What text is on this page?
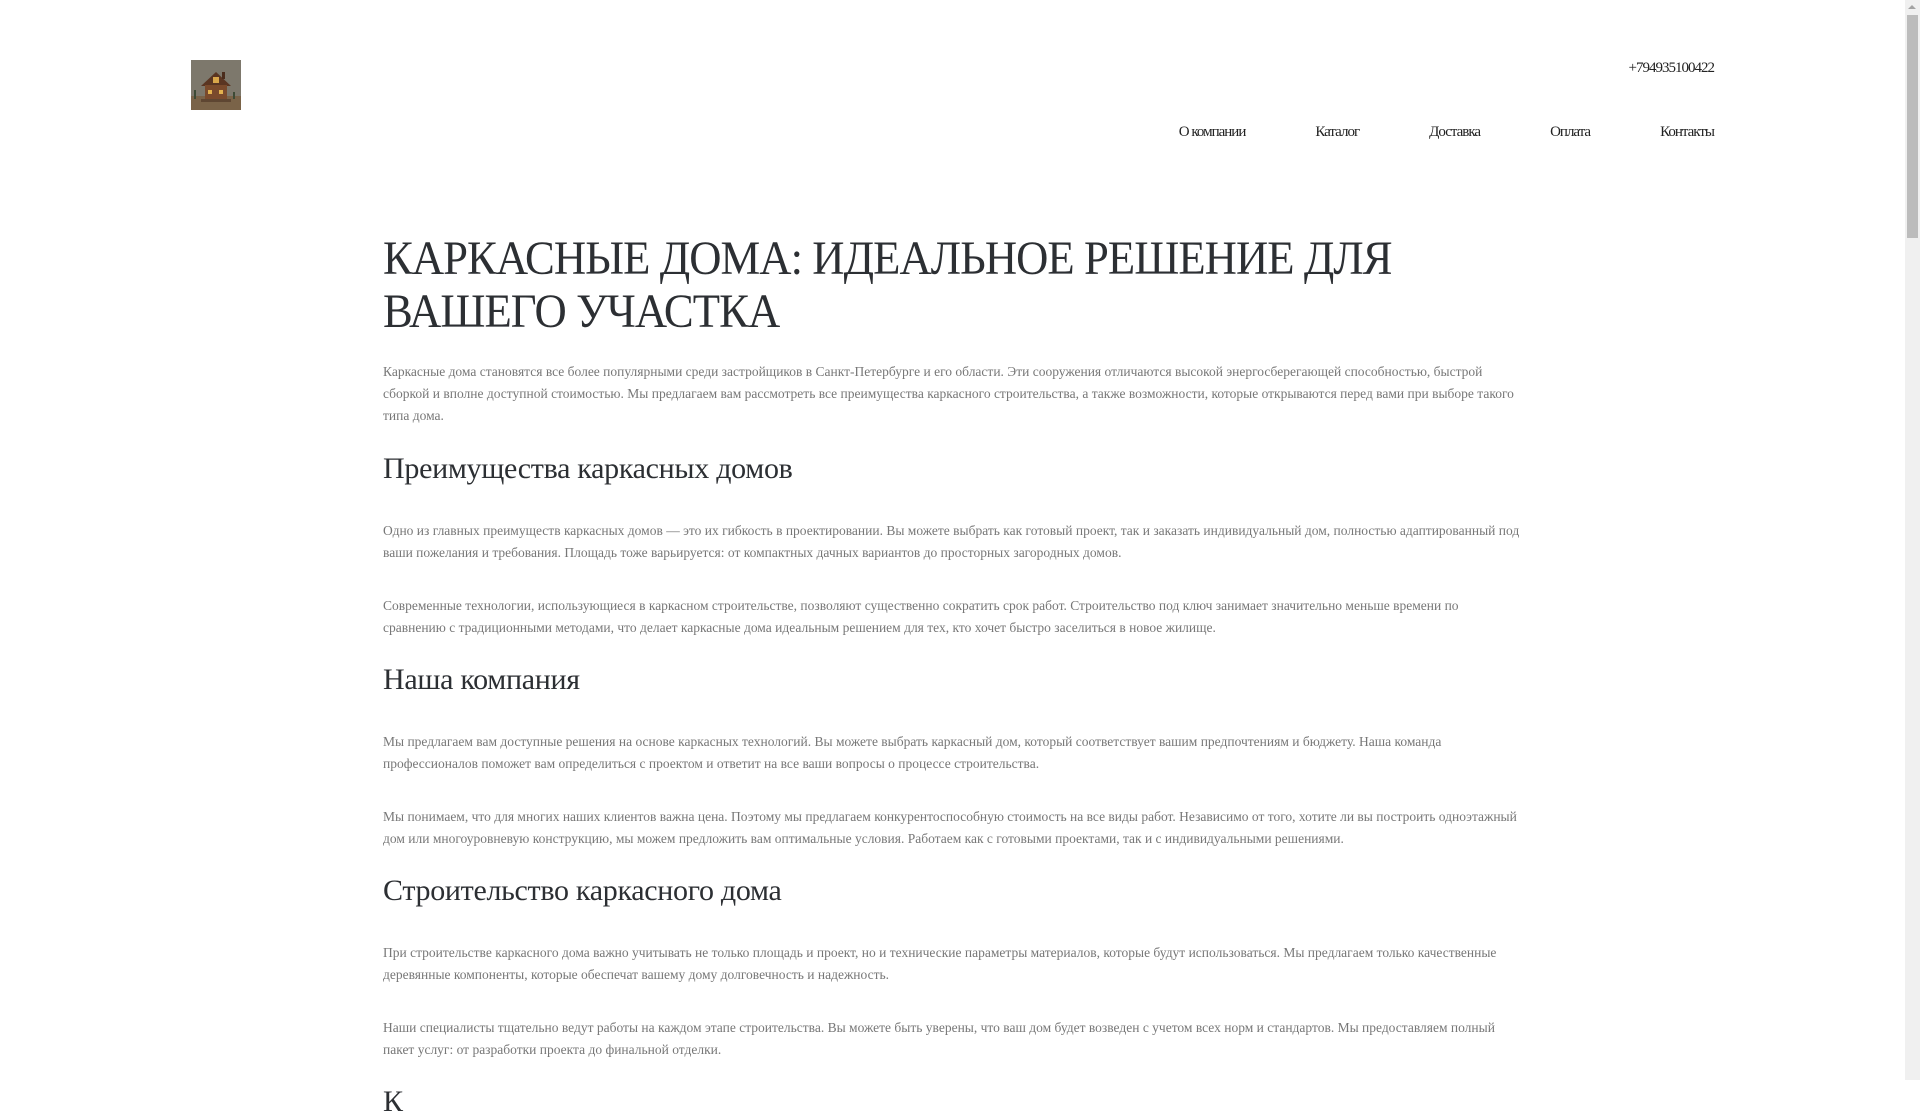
+794935100422
О компании	Каталог	Доставка	Оплата	Контакты
КАРКАСНЫЕ ДОМА: ИДЕАЛЬНОЕ РЕШЕНИЕ ДЛЯ ВАШЕГО УЧАСТКА

Каркасные дома становятся все более популярными среди застройщиков в Санкт-Петербурге и его области. Эти сооружения отличаются высокой энергосберегающей способностью, быстрой сборкой и вполне доступной стоимостью. Мы предлагаем вам рассмотреть все преимущества каркасного строительства, а также возможности, которые открываются перед вами при выборе такого типа дома.

Преимущества каркасных домов

Одно из главных преимуществ каркасных домов — это их гибкость в проектировании. Вы можете выбрать как готовый проект, так и заказать индивидуальный дом, полностью адаптированный под ваши пожелания и требования. Площадь тоже варьируется: от компактных дачных вариантов до просторных загородных домов.

Современные технологии, использующиеся в каркасном строительстве, позволяют существенно сократить срок работ. Строительство под ключ занимает значительно меньше времени по сравнению с традиционными методами, что делает каркасные дома идеальным решением для тех, кто хочет быстро заселиться в новое жилище.

Наша компания

Мы предлагаем вам доступные решения на основе каркасных технологий. Вы можете выбрать каркасный дом, который соответствует вашим предпочтениям и бюджету. Наша команда профессионалов поможет вам определиться с проектом и ответит на все ваши вопросы о процессе строительства.

Мы понимаем, что для многих наших клиентов важна цена. Поэтому мы предлагаем конкурентоспособную стоимость на все виды работ. Независимо от того, хотите ли вы построить одноэтажный дом или многоуровневую конструкцию, мы можем предложить вам оптимальные условия. Работаем как с готовыми проектами, так и с индивидуальными решениями.

Строительство каркасного дома

При строительстве каркасного дома важно учитывать не только площадь и проект, но и технические параметры материалов, которые будут использоваться. Мы предлагаем только качественные деревянные компоненты, которые обеспечат вашему дому долговечность и надежность.

Наши специалисты тщательно ведут работы на каждом этапе строительства. Вы можете быть уверены, что ваш дом будет возведен с учетом всех норм и стандартов. Мы предоставляем полный пакет услуг: от разработки проекта до финальной отделки.

К
